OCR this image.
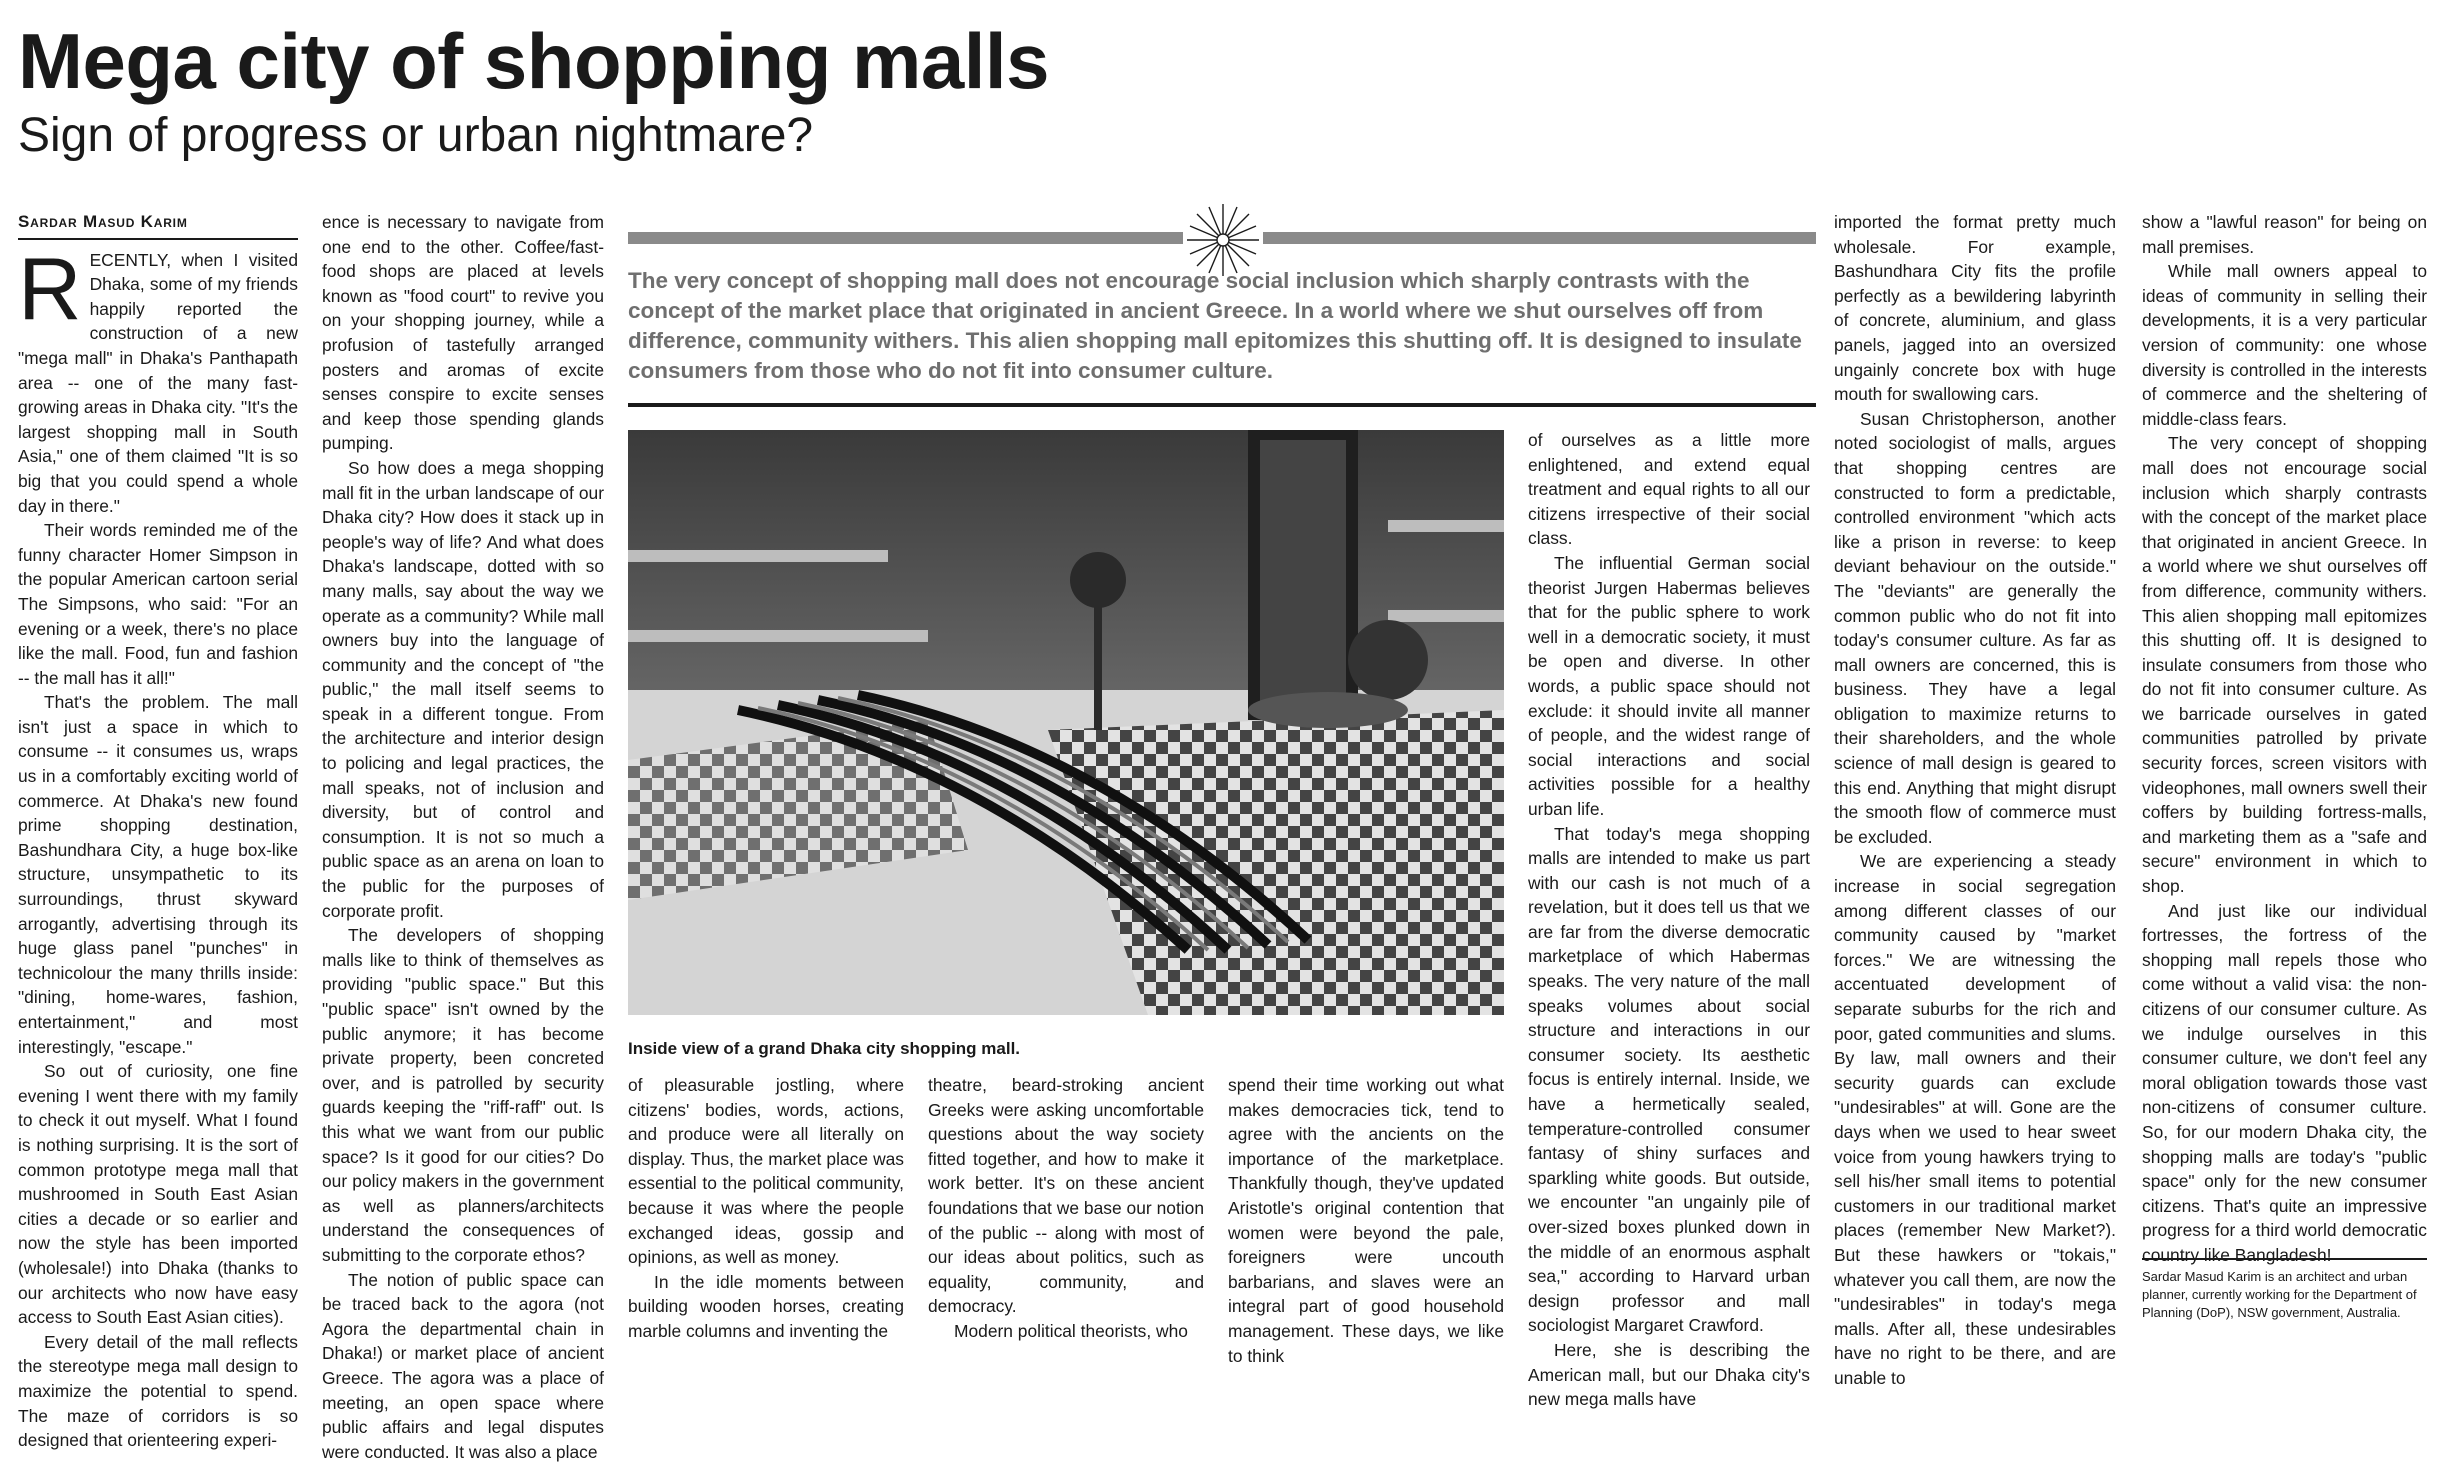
Mega city of shopping malls
Sign of progress or urban nightmare?
Sardar Masud Karim

RECENTLY, when I visited Dhaka, some of my friends happily reported the construction of a new "mega mall" in Dhaka's Panthapath area -- one of the many fast-growing areas in Dhaka city. "It's the largest shopping mall in South Asia," one of them claimed "It is so big that you could spend a whole day in there."

Their words reminded me of the funny character Homer Simpson in the popular American cartoon serial The Simpsons, who said: "For an evening or a week, there's no place like the mall. Food, fun and fashion -- the mall has it all!"

That's the problem. The mall isn't just a space in which to consume -- it consumes us, wraps us in a comfortably exciting world of commerce. At Dhaka's new found prime shopping destination, Bashundhara City, a huge box-like structure, unsympathetic to its surroundings, thrust skyward arrogantly, advertising through its huge glass panel "punches" in technicolour the many thrills inside: "dining, home-wares, fashion, entertainment," and most interestingly, "escape."

So out of curiosity, one fine evening I went there with my family to check it out myself. What I found is nothing surprising. It is the sort of common prototype mega mall that mushroomed in South East Asian cities a decade or so earlier and now the style has been imported (wholesale!) into Dhaka (thanks to our architects who now have easy access to South East Asian cities).

Every detail of the mall reflects the stereotype mega mall design to maximize the potential to spend. The maze of corridors is so designed that orienteering experi-

ence is necessary to navigate from one end to the other. Coffee/fast-food shops are placed at levels known as "food court" to revive you on your shopping journey, while a profusion of tastefully arranged posters and aromas of excite senses conspire to excite senses and keep those spending glands pumping.

So how does a mega shopping mall fit in the urban landscape of our Dhaka city? How does it stack up in people's way of life? And what does Dhaka's landscape, dotted with so many malls, say about the way we operate as a community? While mall owners buy into the language of community and the concept of "the public," the mall itself seems to speak in a different tongue. From the architecture and interior design to policing and legal practices, the mall speaks, not of inclusion and diversity, but of control and consumption. It is not so much a public space as an arena on loan to the public for the purposes of corporate profit.

The developers of shopping malls like to think of themselves as providing "public space." But this "public space" isn't owned by the public anymore; it has become private property, been concreted over, and is patrolled by security guards keeping the "riff-raff" out. Is this what we want from our public space? Is it good for our cities? Do our policy makers in the government as well as planners/architects understand the consequences of submitting to the corporate ethos?

The notion of public space can be traced back to the agora (not Agora the departmental chain in Dhaka!) or market place of ancient Greece. The agora was a place of meeting, an open space where public affairs and legal disputes were conducted. It was also a place

The very concept of shopping mall does not encourage social inclusion which sharply contrasts with the concept of the market place that originated in ancient Greece. In a world where we shut ourselves off from difference, community withers. This alien shopping mall epitomizes this shutting off. It is designed to insulate consumers from those who do not fit into consumer culture.
Inside view of a grand Dhaka city shopping mall.

of pleasurable jostling, where citizens' bodies, words, actions, and produce were all literally on display. Thus, the market place was essential to the political community, because it was where the people exchanged ideas, gossip and opinions, as well as money.

In the idle moments between building wooden horses, creating marble columns and inventing the

theatre, beard-stroking ancient Greeks were asking uncomfortable questions about the way society fitted together, and how to make it work better. It's on these ancient foundations that we base our notion of the public -- along with most of our ideas about politics, such as equality, community, and democracy.

Modern political theorists, who

spend their time working out what makes democracies tick, tend to agree with the ancients on the importance of the marketplace. Thankfully though, they've updated Aristotle's original contention that women were beyond the pale, foreigners were uncouth barbarians, and slaves were an integral part of good household management. These days, we like to think

of ourselves as a little more enlightened, and extend equal treatment and equal rights to all our citizens irrespective of their social class.

The influential German social theorist Jurgen Habermas believes that for the public sphere to work well in a democratic society, it must be open and diverse. In other words, a public space should not exclude: it should invite all manner of people, and the widest range of social interactions and social activities possible for a healthy urban life.

That today's mega shopping malls are intended to make us part with our cash is not much of a revelation, but it does tell us that we are far from the diverse democratic marketplace of which Habermas speaks. The very nature of the mall speaks volumes about social structure and interactions in our consumer society. Its aesthetic focus is entirely internal. Inside, we have a hermetically sealed, temperature-controlled consumer fantasy of shiny surfaces and sparkling white goods. But outside, we encounter "an ungainly pile of over-sized boxes plunked down in the middle of an enormous asphalt sea," according to Harvard urban design professor and mall sociologist Margaret Crawford.

Here, she is describing the American mall, but our Dhaka city's new mega malls have

imported the format pretty much wholesale. For example, Bashundhara City fits the profile perfectly as a bewildering labyrinth of concrete, aluminium, and glass panels, jagged into an oversized ungainly concrete box with huge mouth for swallowing cars.

Susan Christopherson, another noted sociologist of malls, argues that shopping centres are constructed to form a predictable, controlled environment "which acts like a prison in reverse: to keep deviant behaviour on the outside." The "deviants" are generally the common public who do not fit into today's consumer culture. As far as mall owners are concerned, this is business. They have a legal obligation to maximize returns to their shareholders, and the whole science of mall design is geared to this end. Anything that might disrupt the smooth flow of commerce must be excluded.

We are experiencing a steady increase in social segregation among different classes of our community caused by "market forces." We are witnessing the accentuated development of separate suburbs for the rich and poor, gated communities and slums. By law, mall owners and their security guards can exclude "undesirables" at will. Gone are the days when we used to hear sweet voice from young hawkers trying to sell his/her small items to potential customers in our traditional market places (remember New Market?). But these hawkers or "tokais," whatever you call them, are now the "undesirables" in today's mega malls. After all, these undesirables have no right to be there, and are unable to

show a "lawful reason" for being on mall premises.

While mall owners appeal to ideas of community in selling their developments, it is a very particular version of community: one whose diversity is controlled in the interests of commerce and the sheltering of middle-class fears.

The very concept of shopping mall does not encourage social inclusion which sharply contrasts with the concept of the market place that originated in ancient Greece. In a world where we shut ourselves off from difference, community withers. This alien shopping mall epitomizes this shutting off. It is designed to insulate consumers from those who do not fit into consumer culture. As we barricade ourselves in gated communities patrolled by private security forces, screen visitors with videophones, mall owners swell their coffers by building fortress-malls, and marketing them as a "safe and secure" environment in which to shop.

And just like our individual fortresses, the fortress of the shopping mall repels those who come without a valid visa: the non-citizens of our consumer culture. As we indulge ourselves in this consumer culture, we don't feel any moral obligation towards those vast non-citizens of consumer culture. So, for our modern Dhaka city, the shopping malls are today's "public space" only for the new consumer citizens. That's quite an impressive progress for a third world democratic country like Bangladesh!

Sardar Masud Karim is an architect and urban planner, currently working for the Department of Planning (DoP), NSW government, Australia.
